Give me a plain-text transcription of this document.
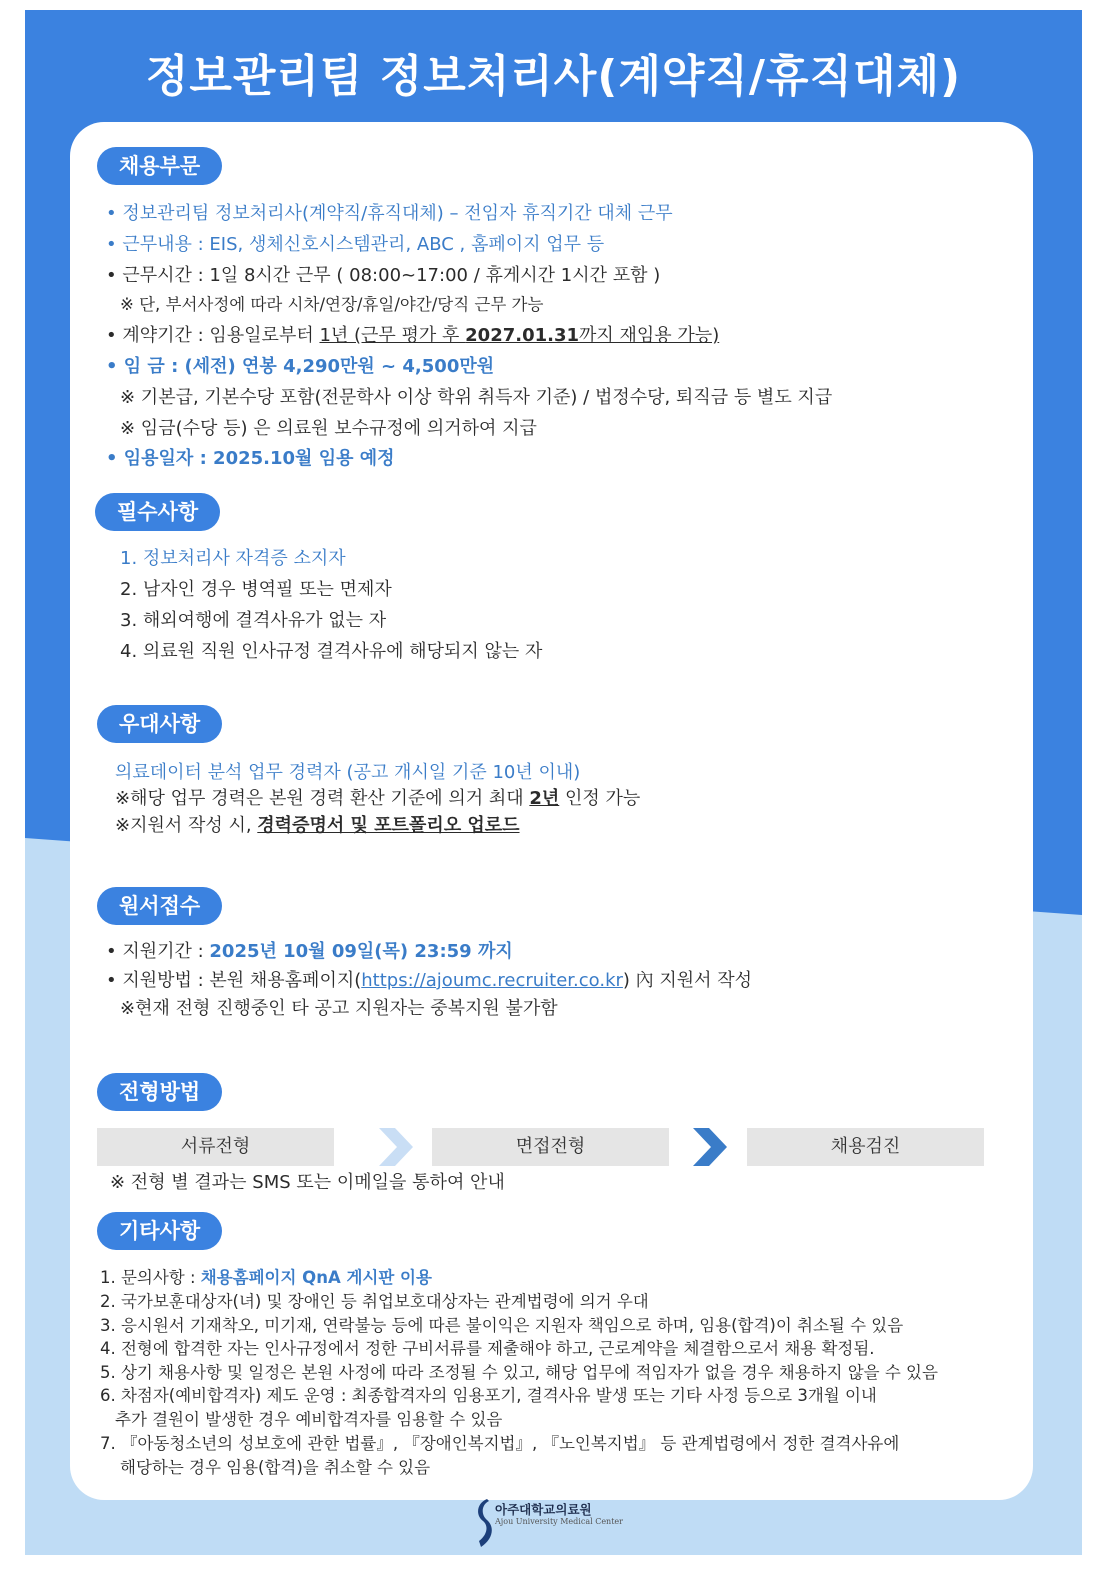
정보관리팀 정보처리사(계약직/휴직대체)
채용부문
• 정보관리팀 정보처리사(계약직/휴직대체) – 전임자 휴직기간 대체 근무
• 근무내용 : EIS, 생체신호시스템관리, ABC , 홈페이지 업무 등
• 근무시간 : 1일 8시간 근무 ( 08:00~17:00 / 휴게시간 1시간 포함 )
※ 단, 부서사정에 따라 시차/연장/휴일/야간/당직 근무 가능
• 계약기간 : 임용일로부터 1년 (근무 평가 후 2027.01.31까지 재임용 가능)
• 임 금 : (세전) 연봉 4,290만원 ~ 4,500만원
※ 기본급, 기본수당 포함(전문학사 이상 학위 취득자 기준) / 법정수당, 퇴직금 등 별도 지급
※ 임금(수당 등) 은 의료원 보수규정에 의거하여 지급
• 임용일자 : 2025.10월 임용 예정
필수사항
1. 정보처리사 자격증 소지자
2. 남자인 경우 병역필 또는 면제자
3. 해외여행에 결격사유가 없는 자
4. 의료원 직원 인사규정 결격사유에 해당되지 않는 자
우대사항
의료데이터 분석 업무 경력자 (공고 개시일 기준 10년 이내)
※해당 업무 경력은 본원 경력 환산 기준에 의거 최대 2년 인정 가능
※지원서 작성 시, 경력증명서 및 포트폴리오 업로드
원서접수
• 지원기간 : 2025년 10월 09일(목) 23:59 까지
• 지원방법 : 본원 채용홈페이지(https://ajoumc.recruiter.co.kr) 內 지원서 작성
※현재 전형 진행중인 타 공고 지원자는 중복지원 불가함
전형방법
서류전형	면접전형	채용검진
※ 전형 별 결과는 SMS 또는 이메일을 통하여 안내
기타사항
1. 문의사항 : 채용홈페이지 QnA 게시판 이용
2. 국가보훈대상자(녀) 및 장애인 등 취업보호대상자는 관계법령에 의거 우대
3. 응시원서 기재착오, 미기재, 연락불능 등에 따른 불이익은 지원자 책임으로 하며, 임용(합격)이 취소될 수 있음
4. 전형에 합격한 자는 인사규정에서 정한 구비서류를 제출해야 하고, 근로계약을 체결함으로서 채용 확정됨.
5. 상기 채용사항 및 일정은 본원 사정에 따라 조정될 수 있고, 해당 업무에 적임자가 없을 경우 채용하지 않을 수 있음
6. 차점자(예비합격자) 제도 운영 : 최종합격자의 임용포기, 결격사유 발생 또는 기타 사정 등으로 3개월 이내
추가 결원이 발생한 경우 예비합격자를 임용할 수 있음
7. 『아동청소년의 성보호에 관한 법률』, 『장애인복지법』, 『노인복지법』 등 관계법령에서 정한 결격사유에
해당하는 경우 임용(합격)을 취소할 수 있음
아주대학교의료원
Ajou University Medical Center
